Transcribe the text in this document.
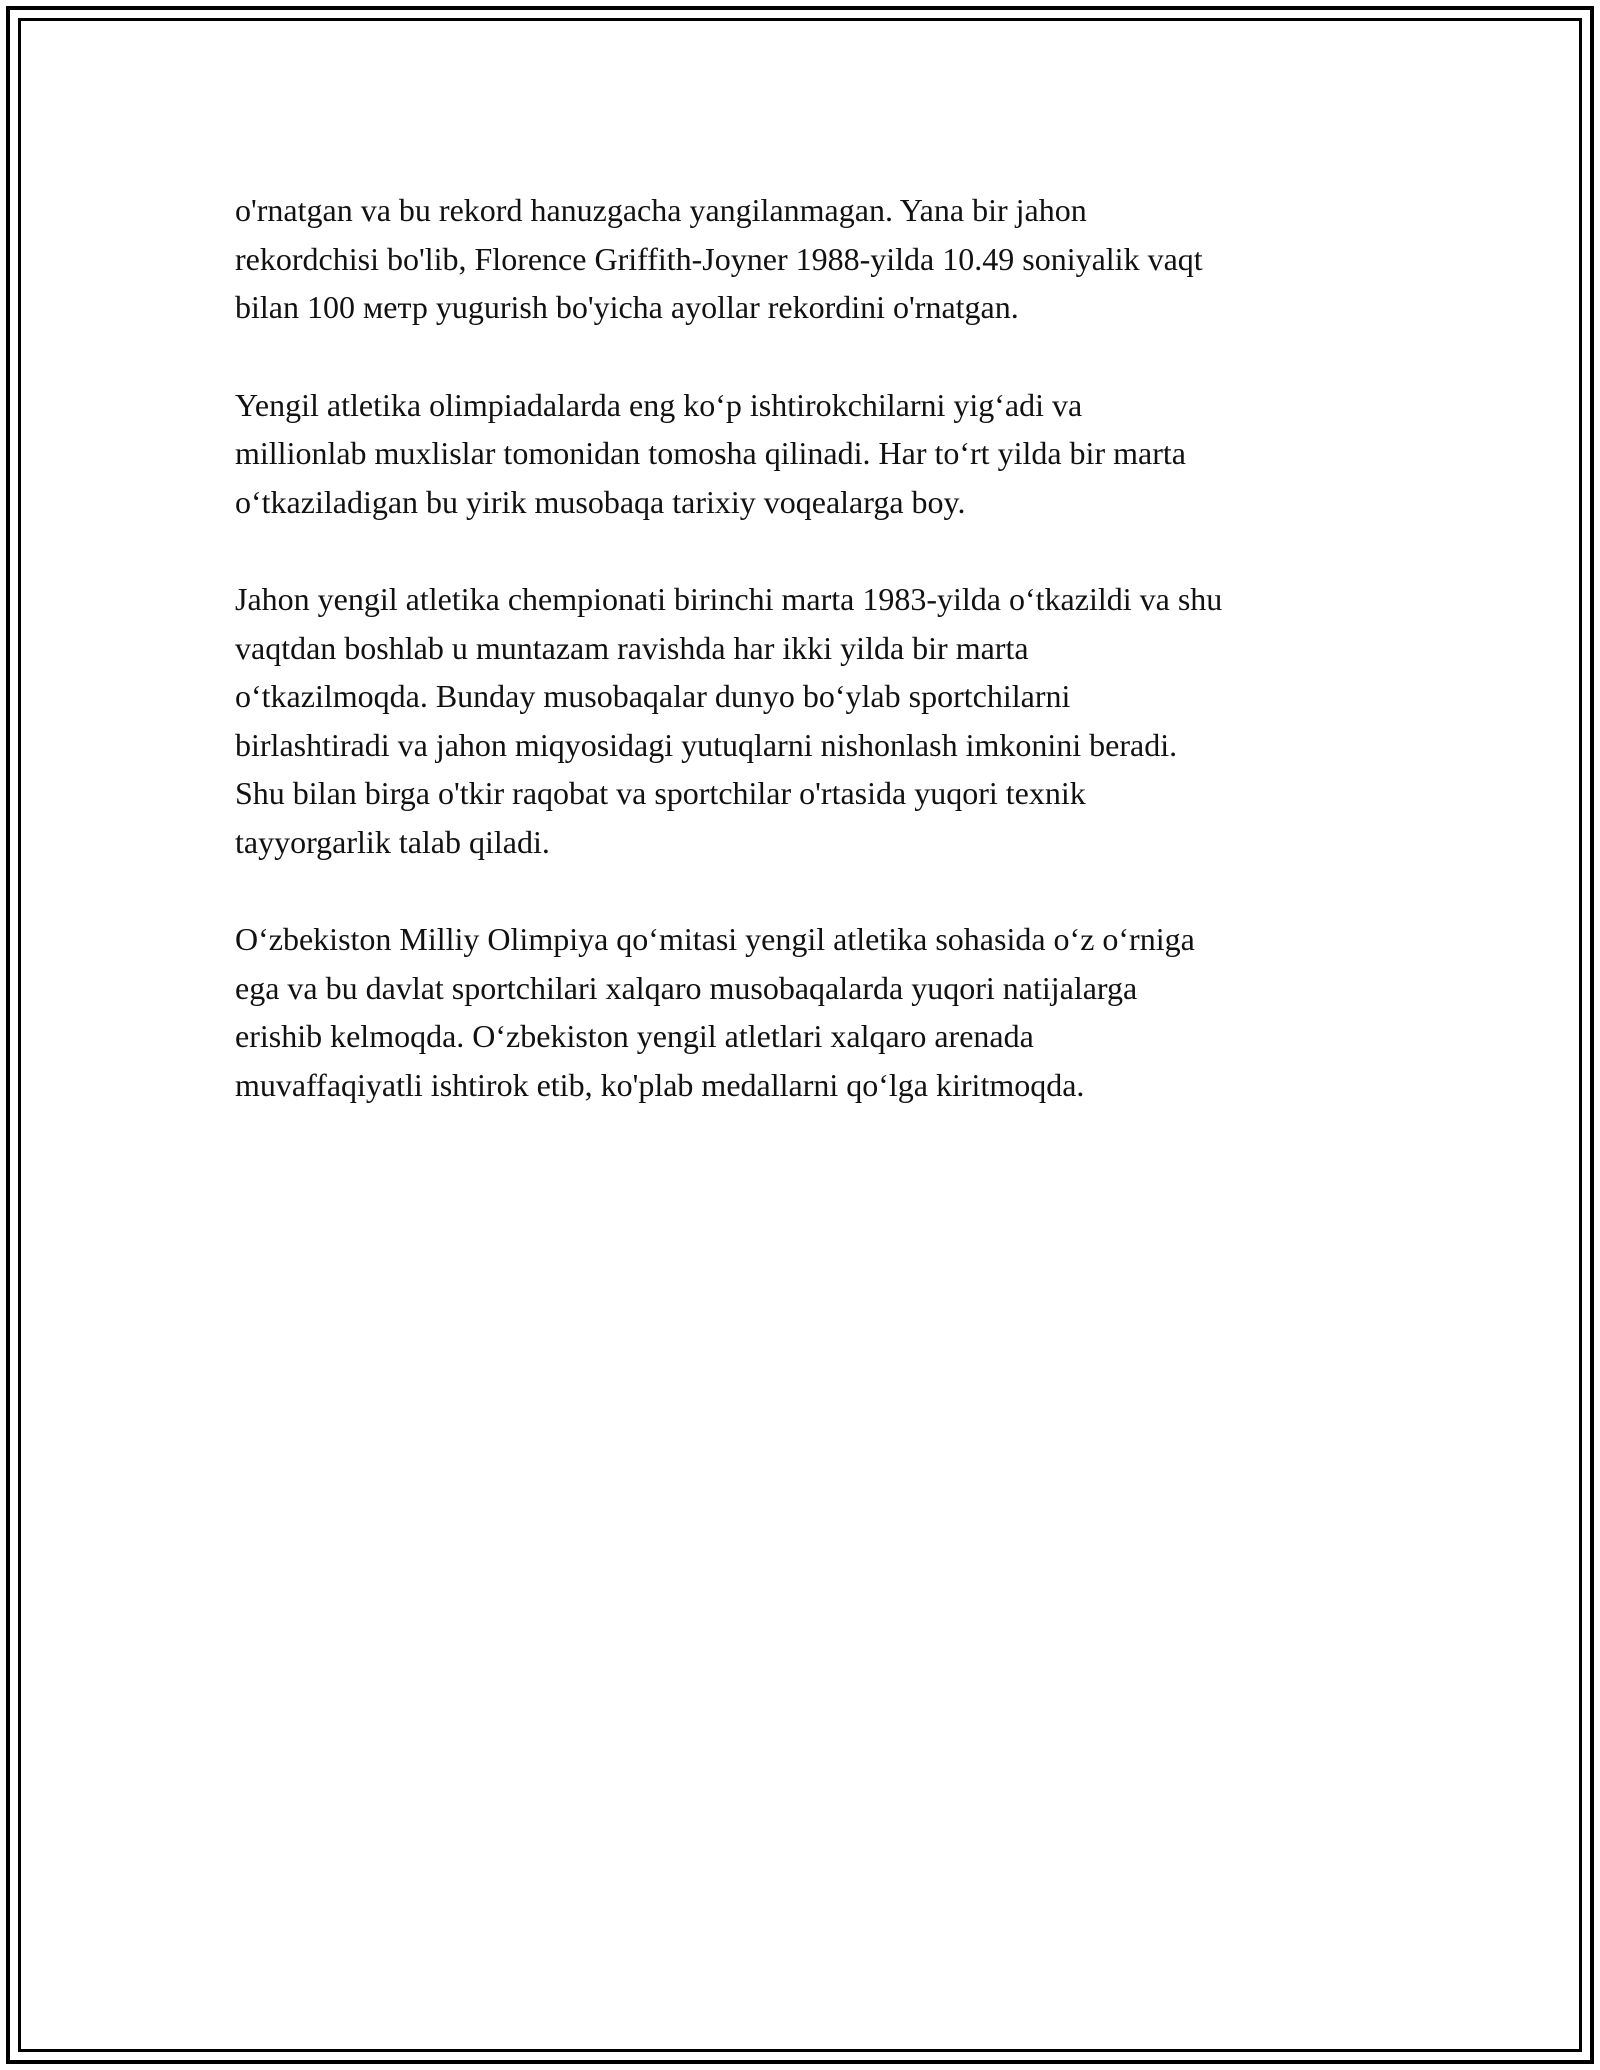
o'rnatgan va bu rekord hanuzgacha yangilanmagan. Yana bir jahon
rekordchisi bo'lib, Florence Griffith-Joyner 1988-yilda 10.49 soniyalik vaqt
bilan 100 метр yugurish bo'yicha ayollar rekordini o'rnatgan.

Yengil atletika olimpiadalarda eng koʻp ishtirokchilarni yigʻadi va
millionlab muxlislar tomonidan tomosha qilinadi. Har toʻrt yilda bir marta
oʻtkaziladigan bu yirik musobaqa tarixiy voqealarga boy.

Jahon yengil atletika chempionati birinchi marta 1983-yilda oʻtkazildi va shu
vaqtdan boshlab u muntazam ravishda har ikki yilda bir marta
oʻtkazilmoqda. Bunday musobaqalar dunyo boʻylab sportchilarni
birlashtiradi va jahon miqyosidagi yutuqlarni nishonlash imkonini beradi.
Shu bilan birga o'tkir raqobat va sportchilar o'rtasida yuqori texnik
tayyorgarlik talab qiladi.

Oʻzbekiston Milliy Olimpiya qoʻmitasi yengil atletika sohasida oʻz oʻrniga
ega va bu davlat sportchilari xalqaro musobaqalarda yuqori natijalarga
erishib kelmoqda. Oʻzbekiston yengil atletlari xalqaro arenada
muvaffaqiyatli ishtirok etib, ko'plab medallarni qoʻlga kiritmoqda.
